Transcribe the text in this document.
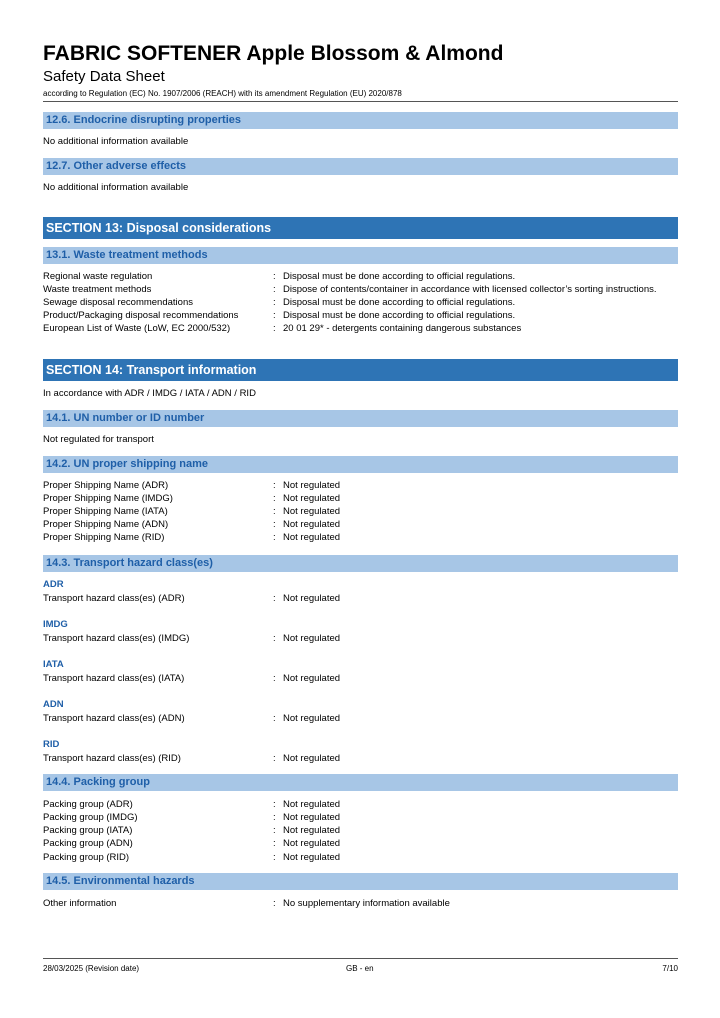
FABRIC SOFTENER Apple Blossom & Almond
Safety Data Sheet
according to Regulation (EC) No. 1907/2006 (REACH) with its amendment Regulation (EU) 2020/878
12.6. Endocrine disrupting properties
No additional information available
12.7. Other adverse effects
No additional information available
SECTION 13: Disposal considerations
13.1. Waste treatment methods
Regional waste regulation	: Disposal must be done according to official regulations.
Waste treatment methods	: Dispose of contents/container in accordance with licensed collector’s sorting instructions.
Sewage disposal recommendations	: Disposal must be done according to official regulations.
Product/Packaging disposal recommendations	: Disposal must be done according to official regulations.
European List of Waste (LoW, EC 2000/532)	: 20 01 29* - detergents containing dangerous substances
SECTION 14: Transport information
In accordance with ADR / IMDG / IATA / ADN / RID
14.1. UN number or ID number
Not regulated for transport
14.2. UN proper shipping name
Proper Shipping Name (ADR)	: Not regulated
Proper Shipping Name (IMDG)	: Not regulated
Proper Shipping Name (IATA)	: Not regulated
Proper Shipping Name (ADN)	: Not regulated
Proper Shipping Name (RID)	: Not regulated
14.3. Transport hazard class(es)
ADR
Transport hazard class(es) (ADR)	: Not regulated
IMDG
Transport hazard class(es) (IMDG)	: Not regulated
IATA
Transport hazard class(es) (IATA)	: Not regulated
ADN
Transport hazard class(es) (ADN)	: Not regulated
RID
Transport hazard class(es) (RID)	: Not regulated
14.4. Packing group
Packing group (ADR)	: Not regulated
Packing group (IMDG)	: Not regulated
Packing group (IATA)	: Not regulated
Packing group (ADN)	: Not regulated
Packing group (RID)	: Not regulated
14.5. Environmental hazards
Other information	: No supplementary information available
28/03/2025 (Revision date)	GB - en	7/10
